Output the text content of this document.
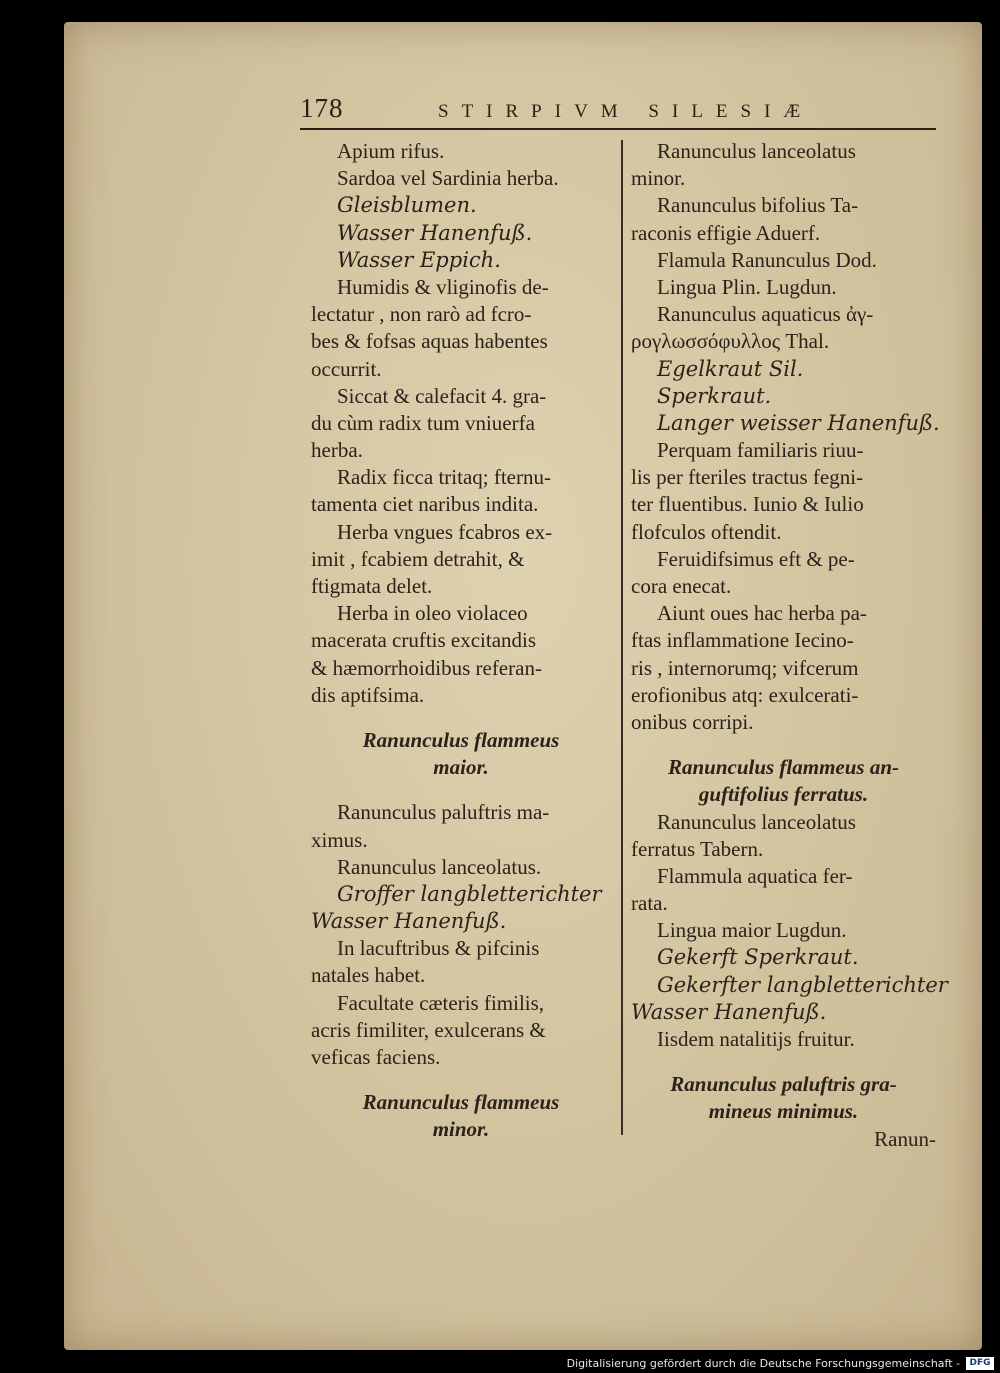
178	STIRPIVM SILESIÆ
Apium rifus.
Sardoa vel Sardinia herba.
Gleisblumen.
Wasser Hanenfuß.
Wasser Eppich.
Humidis & vliginofis de-
lectatur , non rarò ad fcro-
bes & fofsas aquas habentes
occurrit.
Siccat & calefacit 4. gra-
du cùm radix tum vniuerfa
herba.
Radix ficca tritaq; fternu-
tamenta ciet naribus indita.
Herba vngues fcabros ex-
imit , fcabiem detrahit, &
ftigmata delet.
Herba in oleo violaceo
macerata cruftis excitandis
& hæmorrhoidibus referan-
dis aptifsima.
Ranunculus flammeus
maior.
Ranunculus paluftris ma-
ximus.
Ranunculus lanceolatus.
Groffer langbletterichter
Wasser Hanenfuß.
In lacuftribus & pifcinis
natales habet.
Facultate cæteris fimilis,
acris fimiliter, exulcerans &
veficas faciens.
Ranunculus flammeus
minor.
Ranunculus lanceolatus
minor.
Ranunculus bifolius Ta-
raconis effigie Aduerf.
Flamula Ranunculus Dod.
Lingua Plin. Lugdun.
Ranunculus aquaticus ἀγ-
ρογλωσσόφυλλος Thal.
Egelkraut Sil.
Sperkraut.
Langer weisser Hanenfuß.
Perquam familiaris riuu-
lis per fteriles tractus fegni-
ter fluentibus. Iunio & Iulio
flofculos oftendit.
Feruidifsimus eft & pe-
cora enecat.
Aiunt oues hac herba pa-
ftas inflammatione Iecino-
ris , internorumq; vifcerum
erofionibus atq: exulcerati-
onibus corripi.
Ranunculus flammeus an-
guftifolius ferratus.
Ranunculus lanceolatus
ferratus Tabern.
Flammula aquatica fer-
rata.
Lingua maior Lugdun.
Gekerft Sperkraut.
Gekerfter langbletterichter
Wasser Hanenfuß.
Iisdem natalitijs fruitur.
Ranunculus paluftris gra-
mineus minimus.
Ranun-
Digitalisierung gefördert durch die Deutsche Forschungsgemeinschaft -	DFG
